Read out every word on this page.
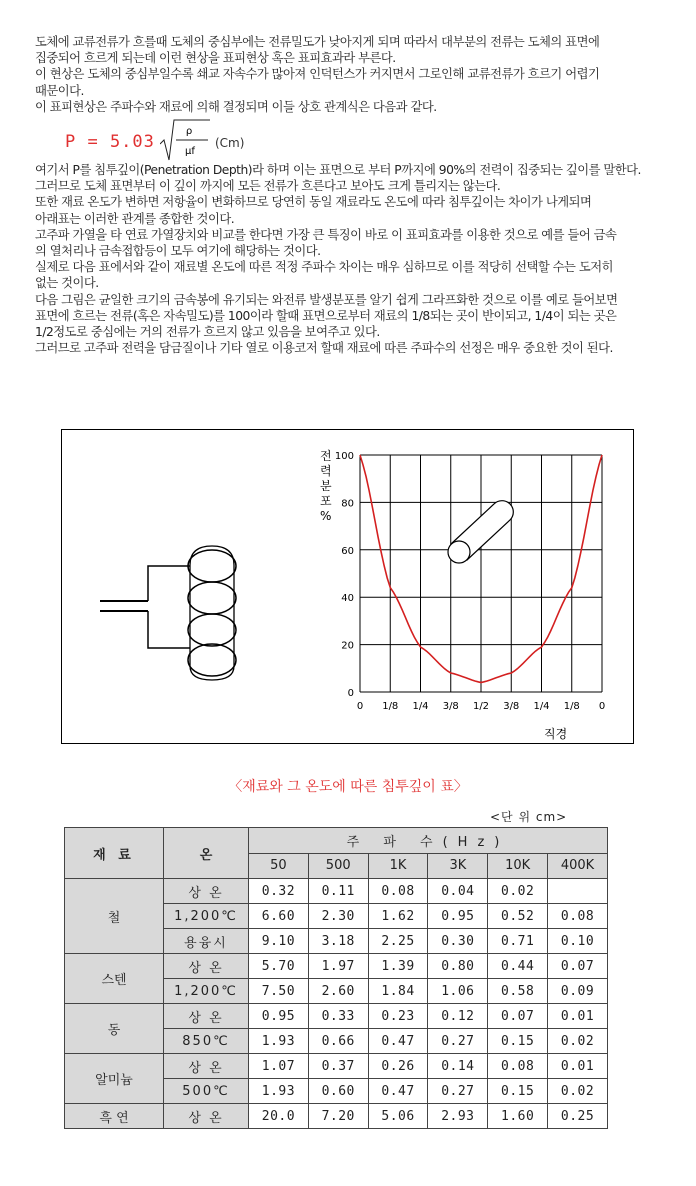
도체에 교류전류가 흐를때 도체의 중심부에는 전류밀도가 낮아지게 되며 따라서 대부분의 전류는 도체의 표면에
집중되어 흐르게 되는데 이런 현상을 표피현상 혹은 표피효과라 부른다.
이 현상은 도체의 중심부일수록 쇄교 자속수가 많아져 인덕턴스가 커지면서 그로인해 교류전류가 흐르기 어렵기
때문이다.
이 표피현상은 주파수와 재료에 의해 결정되며 이들 상호 관계식은 다음과 같다.
P = 5.03
ρ
μf
(Cm)
여기서 P를 침투깊이(Penetration Depth)라 하며 이는 표면으로 부터 P까지에 90%의 전력이 집중되는 깊이를 말한다.
그러므로 도체 표면부터 이 깊이 까지에 모든 전류가 흐른다고 보아도 크게 틀리지는 않는다.
또한 재료 온도가 변하면 저항율이 변화하므로 당연히 동일 재료라도 온도에 따라 침투깊이는 차이가 나게되며
아래표는 이러한 관계를 종합한 것이다.
고주파 가열을 타 연료 가열장치와 비교를 한다면 가장 큰 특징이 바로 이 표피효과를 이용한 것으로 예를 들어 금속
의 열처리나 금속접합등이 모두 여기에 해당하는 것이다.
실제로 다음 표에서와 같이 재료별 온도에 따른 적정 주파수 차이는 매우 심하므로 이를 적당히 선택할 수는 도저히
없는 것이다.
다음 그림은 균일한 크기의 금속봉에 유기되는 와전류 발생분포를 알기 쉽게 그라프화한 것으로 이를 예로 들어보면
표면에 흐르는 전류(혹은 자속밀도)를 100이라 할때 표면으로부터 재료의 1/8되는 곳이 반이되고, 1/4이 되는 곳은
1/2정도로 중심에는 거의 전류가 흐르지 않고 있음을 보여주고 있다.
그러므로 고주파 전력을 담금질이나 기타 열로 이용코저 할때 재료에 따른 주파수의 선정은 매우 중요한 것이 된다.
전 력 분 포 %
직경
0
20
40
60
80
100
0 1/8 1/4 3/8 1/2 3/8 1/4 1/8 0
〈재료와 그 온도에 따른 침투깊이 표〉
<단 위 cm>
재 료	온	주 파 수(Hz)					
		50	500	1K	3K	10K	400K
철	상 온	0.32	0.11	0.08	0.04	0.02	
	1,200℃	6.60	2.30	1.62	0.95	0.52	0.08
	용융시	9.10	3.18	2.25	0.30	0.71	0.10
스텐	상 온	5.70	1.97	1.39	0.80	0.44	0.07
	1,200℃	7.50	2.60	1.84	1.06	0.58	0.09
동	상 온	0.95	0.33	0.23	0.12	0.07	0.01
	850℃	1.93	0.66	0.47	0.27	0.15	0.02
알미늄	상 온	1.07	0.37	0.26	0.14	0.08	0.01
	500℃	1.93	0.60	0.47	0.27	0.15	0.02
흑 연	상 온	20.0	7.20	5.06	2.93	1.60	0.25
